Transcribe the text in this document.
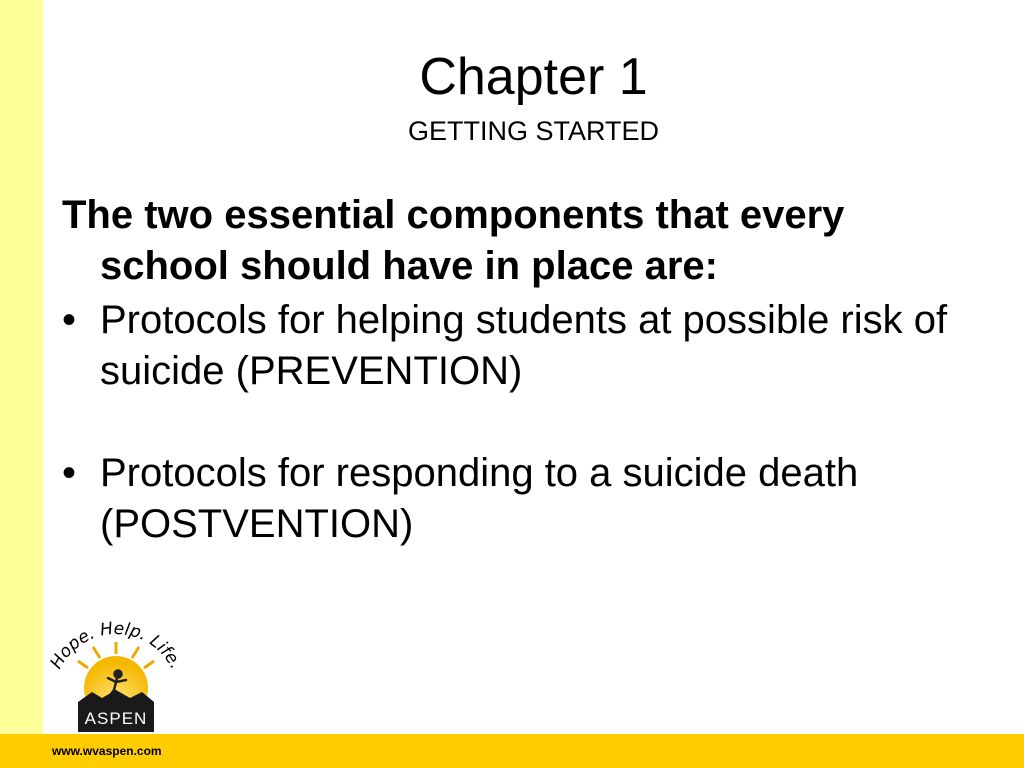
www.wvaspen.com
Chapter 1
GETTING STARTED

The two essential components that every school should have in place are:

• Protocols for helping students at possible risk of suicide (PREVENTION)

• Protocols for responding to a suicide death (POSTVENTION)

ASPEN
Hope. Help. Life.
